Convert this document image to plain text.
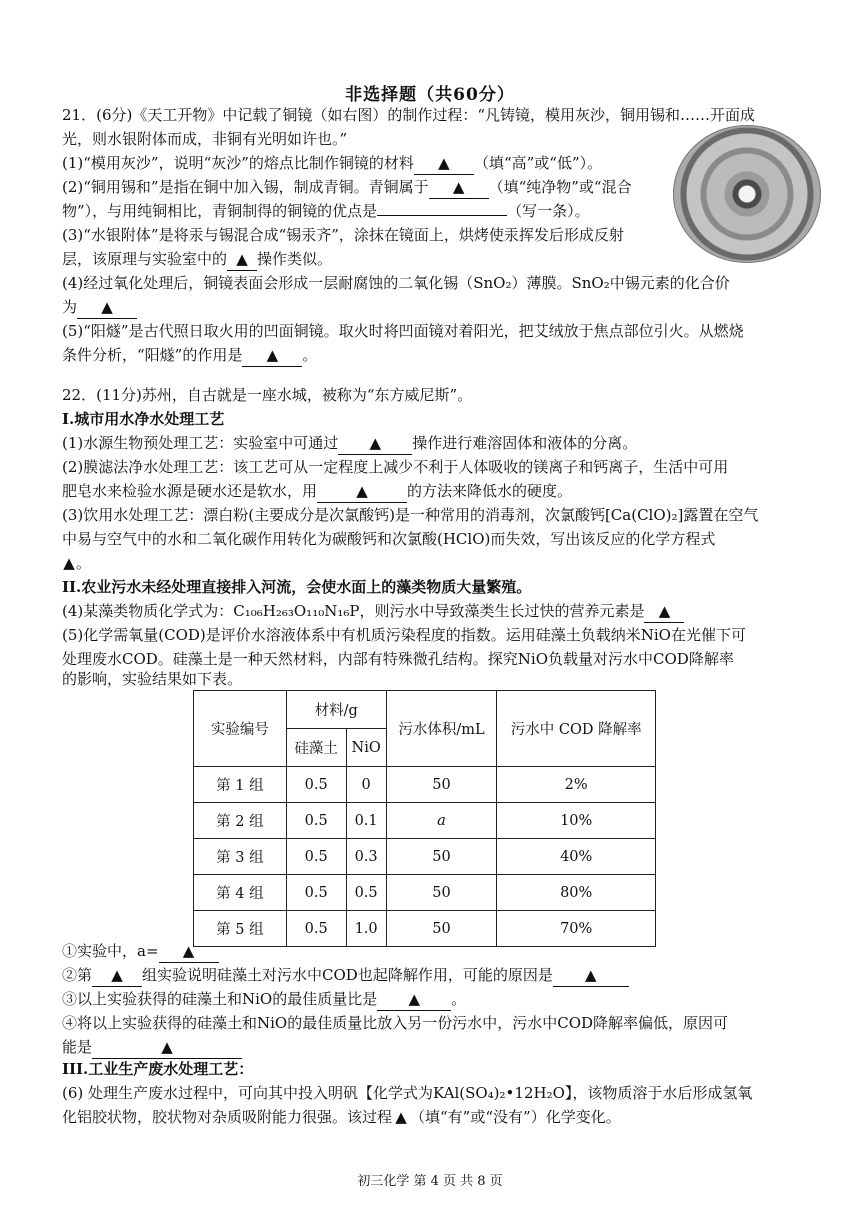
非选择题（共60分）
21．(6分)《天工开物》中记载了铜镜（如右图）的制作过程：“凡铸镜，模用灰沙，铜用锡和……开面成
光，则水银附体而成，非铜有光明如许也。”
(1)“模用灰沙”，说明“灰沙”的熔点比制作铜镜的材料 ▲ （填“高”或“低”）。
(2)“铜用锡和”是指在铜中加入锡，制成青铜。青铜属于 ▲ （填“纯净物”或“混合
物”），与用纯铜相比，青铜制得的铜镜的优点是	（写一条）。
(3)“水银附体”是将汞与锡混合成“锡汞齐”，涂抹在镜面上，烘烤使汞挥发后形成反射
层，该原理与实验室中的 ▲ 操作类似。
(4)经过氧化处理后，铜镜表面会形成一层耐腐蚀的二氧化锡（SnO₂）薄膜。SnO₂中锡元素的化合价
为 ▲
(5)“阳燧”是古代照日取火用的凹面铜镜。取火时将凹面镜对着阳光，把艾绒放于焦点部位引火。从燃烧
条件分析，“阳燧”的作用是 ▲ 。
22．(11分)苏州，自古就是一座水城，被称为“东方威尼斯”。
I.城市用水净水处理工艺
(1)水源生物预处理工艺：实验室中可通过 ▲ 操作进行难溶固体和液体的分离。
(2)膜滤法净水处理工艺：该工艺可从一定程度上减少不利于人体吸收的镁离子和钙离子，生活中可用
肥皂水来检验水源是硬水还是软水，用	▲	的方法来降低水的硬度。
(3)饮用水处理工艺：漂白粉(主要成分是次氯酸钙)是一种常用的消毒剂，次氯酸钙[Ca(ClO)₂]露置在空气
中易与空气中的水和二氧化碳作用转化为碳酸钙和次氯酸(HClO)而失效，写出该反应的化学方程式
▲。
II.农业污水未经处理直接排入河流，会使水面上的藻类物质大量繁殖。
(4)某藻类物质化学式为：C₁₀₆H₂₆₃O₁₁₀N₁₆P，则污水中导致藻类生长过快的营养元素是 ▲
(5)化学需氧量(COD)是评价水溶液体系中有机质污染程度的指数。运用硅藻土负载纳米NiO在光催下可
处理废水COD。硅藻土是一种天然材料，内部有特殊微孔结构。探究NiO负载量对污水中COD降解率
的影响，实验结果如下表。
实验编号	材料/g		污水体积/mL	污水中 COD 降解率
	硅藻土	NiO		
第 1 组	0.5	0	50	2%
第 2 组	0.5	0.1	a	10%
第 3 组	0.5	0.3	50	40%
第 4 组	0.5	0.5	50	80%
第 5 组	0.5	1.0	50	70%
①实验中，a= ▲
②第 ▲ 组实验说明硅藻土对污水中COD也起降解作用，可能的原因是 ▲
③以上实验获得的硅藻土和NiO的最佳质量比是 ▲ 。
④将以上实验获得的硅藻土和NiO的最佳质量比放入另一份污水中，污水中COD降解率偏低，原因可
能是	▲
III.工业生产废水处理工艺：
(6) 处理生产废水过程中，可向其中投入明矾【化学式为KAl(SO₄)₂•12H₂O】，该物质溶于水后形成氢氧
化铝胶状物，胶状物对杂质吸附能力很强。该过程 ▲ （填“有”或“没有”）化学变化。
初三化学 第 4 页 共 8 页
